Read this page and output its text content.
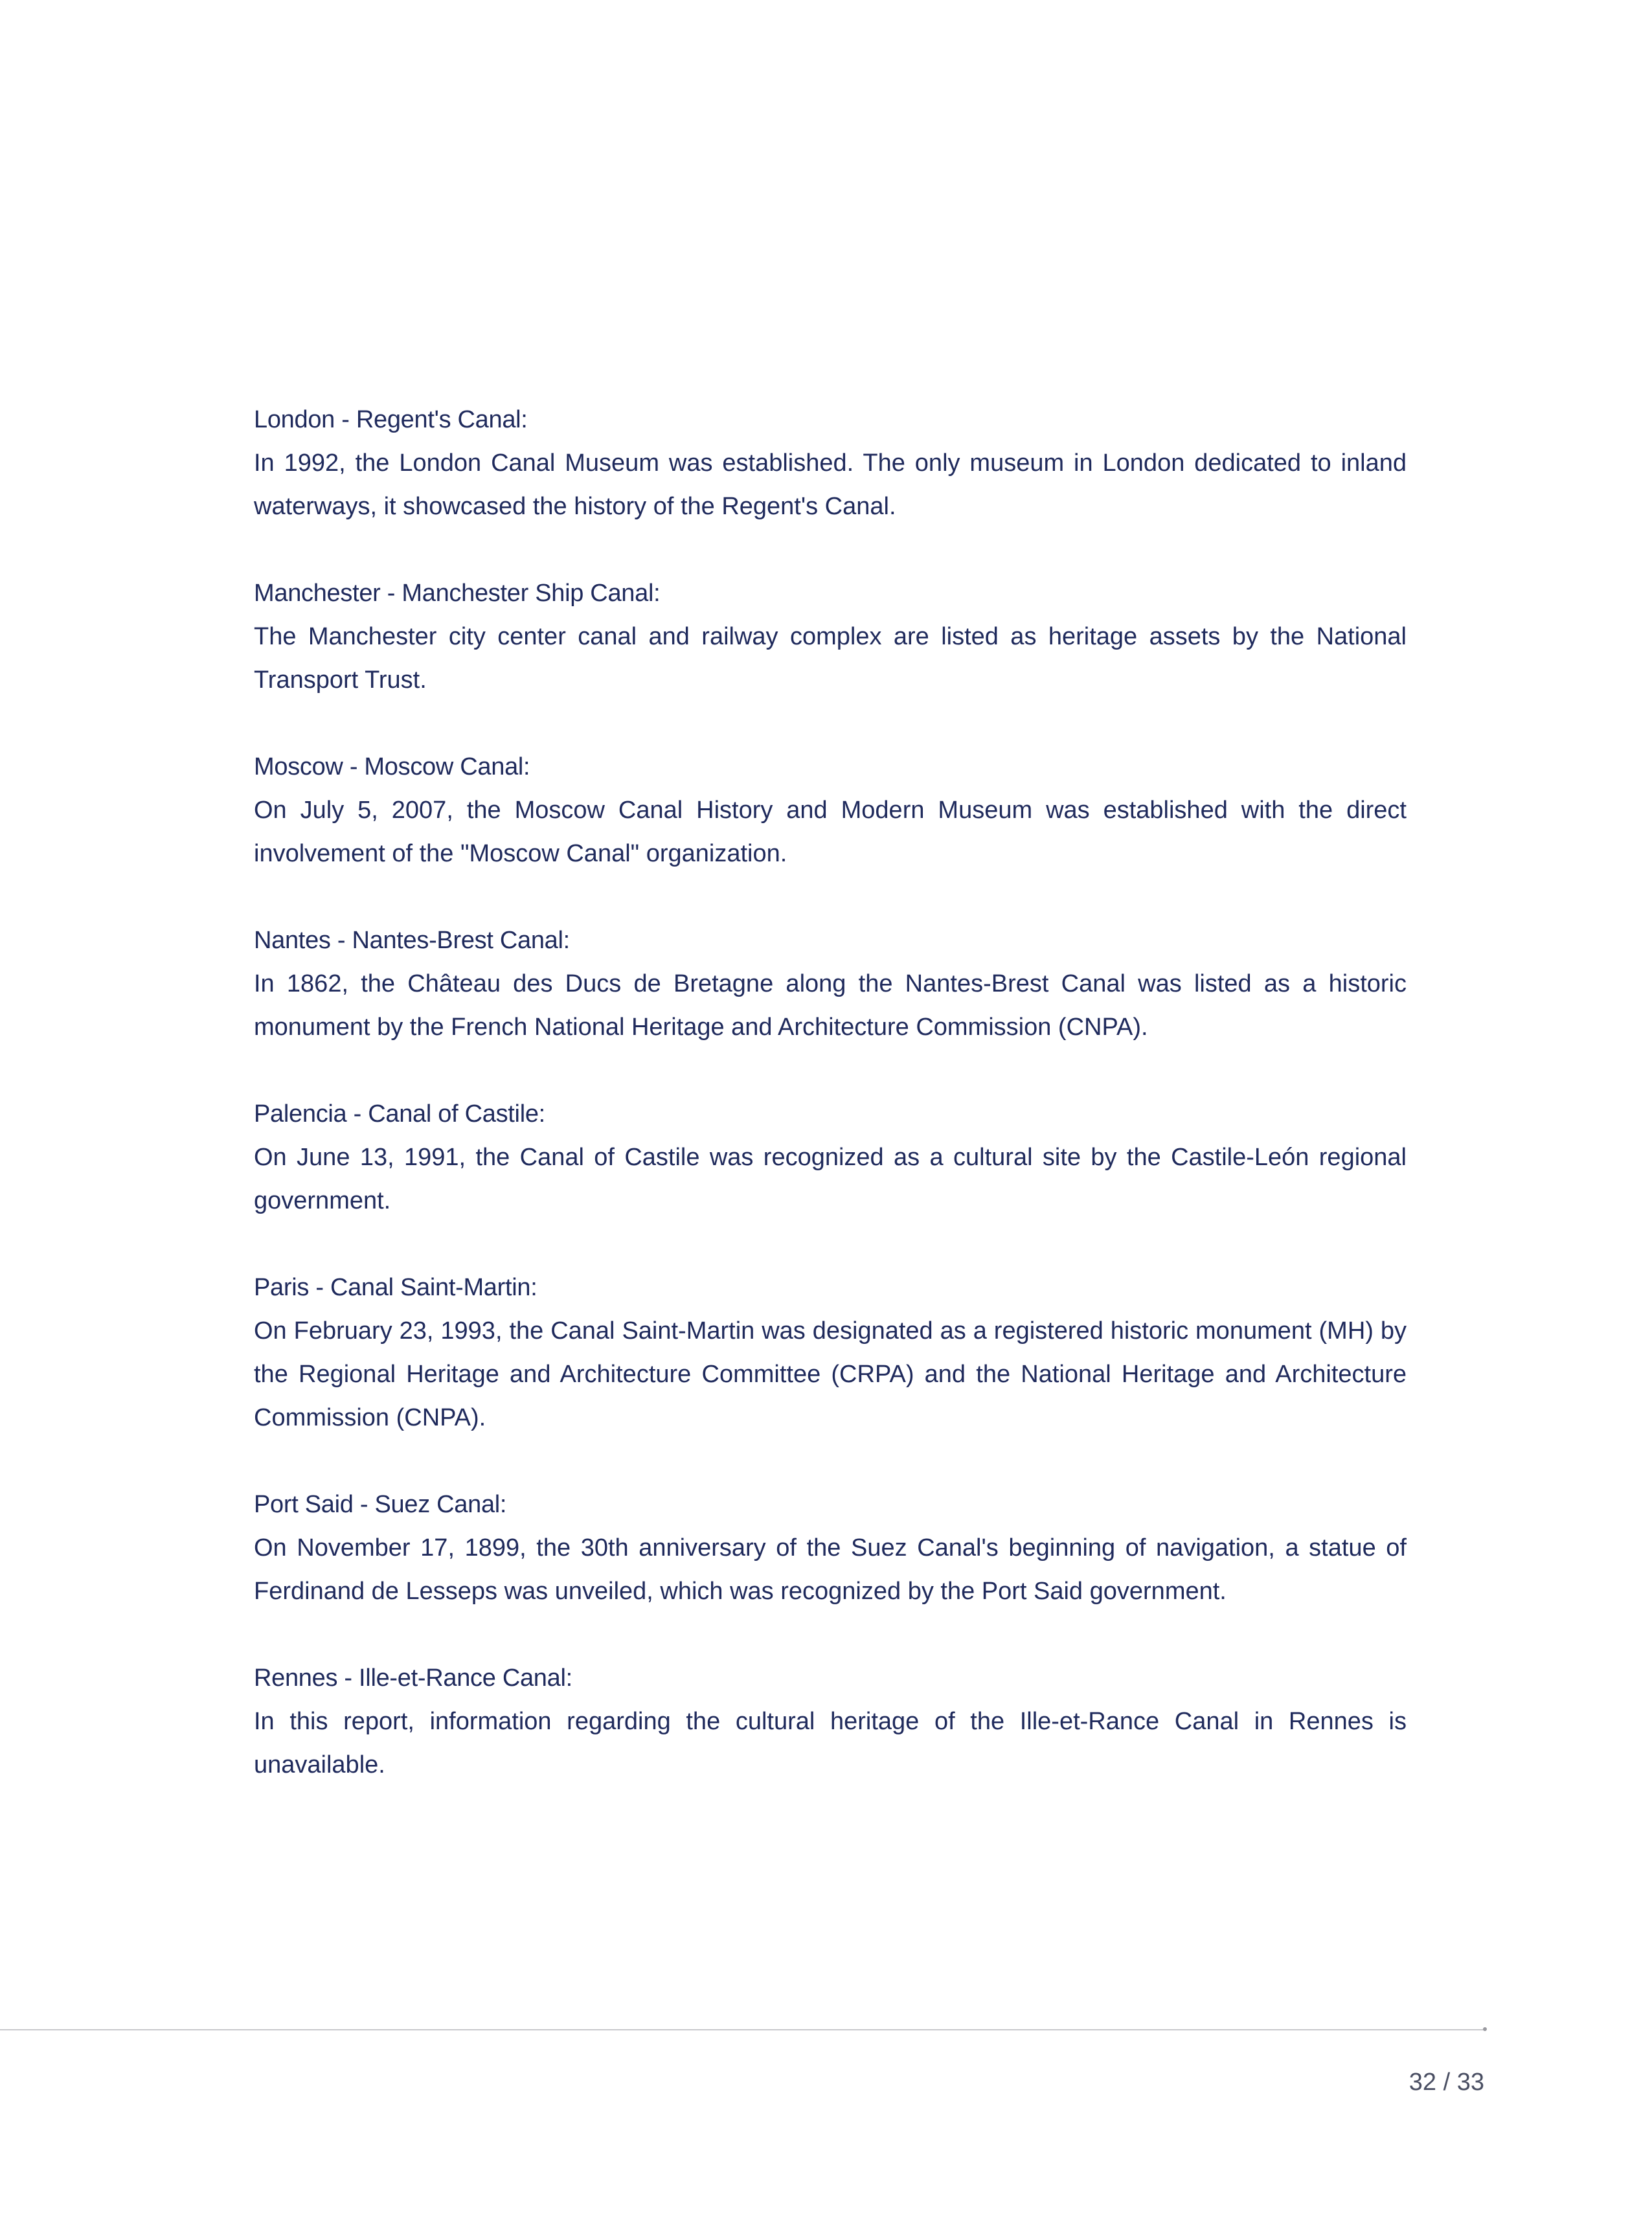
London - Regent's Canal:

In 1992, the London Canal Museum was established. The only museum in London dedicated to inland waterways, it showcased the history of the Regent's Canal.

Manchester - Manchester Ship Canal:

The Manchester city center canal and railway complex are listed as heritage assets by the National Transport Trust.

Moscow - Moscow Canal:

On July 5, 2007, the Moscow Canal History and Modern Museum was established with the direct involvement of the "Moscow Canal" organization.

Nantes - Nantes-Brest Canal:

In 1862, the Château des Ducs de Bretagne along the Nantes-Brest Canal was listed as a historic monument by the French National Heritage and Architecture Commission (CNPA).

Palencia - Canal of Castile:

On June 13, 1991, the Canal of Castile was recognized as a cultural site by the Castile-León regional government.

Paris - Canal Saint-Martin:

On February 23, 1993, the Canal Saint-Martin was designated as a registered historic monument (MH) by the Regional Heritage and Architecture Committee (CRPA) and the National Heritage and Architecture Commission (CNPA).

Port Said - Suez Canal:

On November 17, 1899, the 30th anniversary of the Suez Canal's beginning of navigation, a statue of Ferdinand de Lesseps was unveiled, which was recognized by the Port Said government.

Rennes - Ille-et-Rance Canal:

In this report, information regarding the cultural heritage of the Ille-et-Rance Canal in Rennes is unavailable.

32 / 33
